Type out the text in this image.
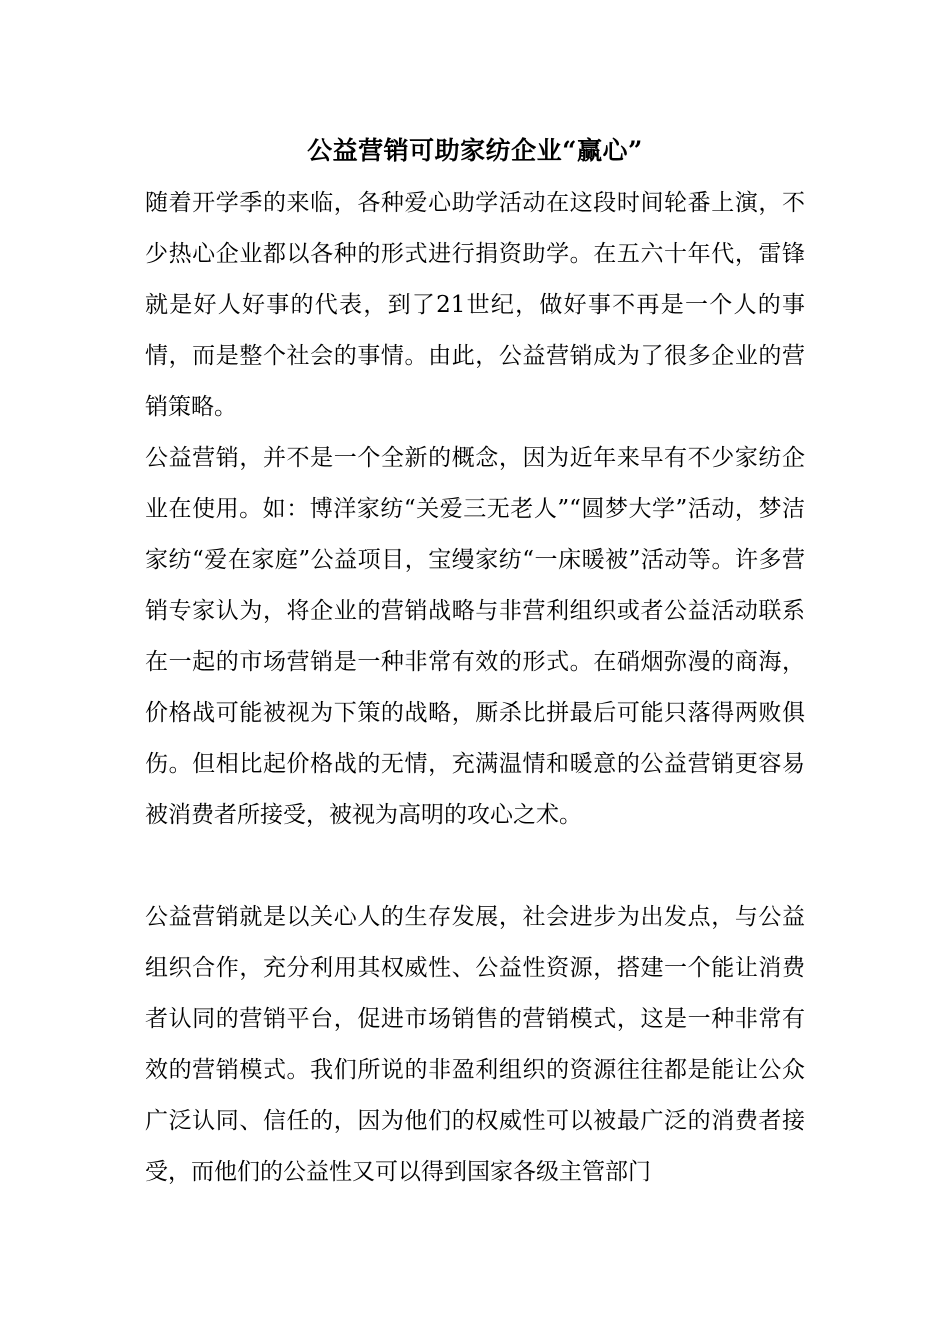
公益营销可助家纺企业“赢心”

随着开学季的来临，各种爱心助学活动在这段时间轮番上演，不少热心企业都以各种的形式进行捐资助学。在五六十年代，雷锋就是好人好事的代表，到了21世纪，做好事不再是一个人的事情，而是整个社会的事情。由此，公益营销成为了很多企业的营销策略。

公益营销，并不是一个全新的概念，因为近年来早有不少家纺企业在使用。如：博洋家纺“关爱三无老人”“圆梦大学”活动，梦洁家纺“爱在家庭”公益项目，宝缦家纺“一床暖被”活动等。许多营销专家认为，将企业的营销战略与非营利组织或者公益活动联系在一起的市场营销是一种非常有效的形式。在硝烟弥漫的商海，价格战可能被视为下策的战略，厮杀比拼最后可能只落得两败俱伤。但相比起价格战的无情，充满温情和暖意的公益营销更容易被消费者所接受，被视为高明的攻心之术。

公益营销就是以关心人的生存发展，社会进步为出发点，与公益组织合作，充分利用其权威性、公益性资源，搭建一个能让消费者认同的营销平台，促进市场销售的营销模式，这是一种非常有效的营销模式。我们所说的非盈利组织的资源往往都是能让公众广泛认同、信任的，因为他们的权威性可以被最广泛的消费者接受，而他们的公益性又可以得到国家各级主管部门
